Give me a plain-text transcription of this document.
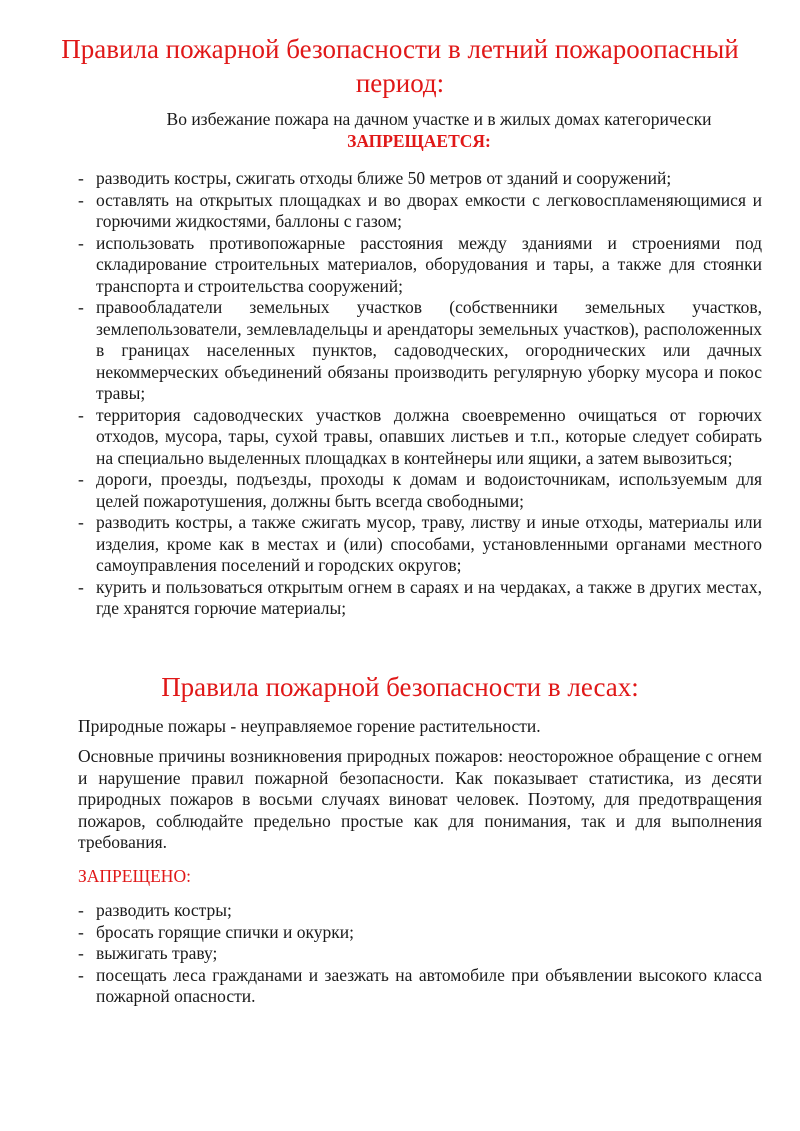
Правила пожарной безопасности в летний пожароопасный период:

Во избежание пожара на дачном участке и в жилых домах категорически
ЗАПРЕЩАЕТСЯ:

- разводить костры, сжигать отходы ближе 50 метров от зданий и сооружений;
- оставлять на открытых площадках и во дворах емкости с легковоспламеняющимися и горючими жидкостями, баллоны с газом;
- использовать противопожарные расстояния между зданиями и строениями под складирование строительных материалов, оборудования и тары, а также для стоянки транспорта и строительства сооружений;
- правообладатели земельных участков (собственники земельных участков, землепользователи, землевладельцы и арендаторы земельных участков), расположенных в границах населенных пунктов, садоводческих, огороднических или дачных некоммерческих объединений обязаны производить регулярную уборку мусора и покос травы;
- территория садоводческих участков должна своевременно очищаться от горючих отходов, мусора, тары, сухой травы, опавших листьев и т.п., которые следует собирать на специально выделенных площадках в контейнеры или ящики, а затем вывозиться;
- дороги, проезды, подъезды, проходы к домам и водоисточникам, используемым для целей пожаротушения, должны быть всегда свободными;
- разводить костры, а также сжигать мусор, траву, листву и иные отходы, материалы или изделия, кроме как в местах и (или) способами, установленными органами местного самоуправления поселений и городских округов;
- курить и пользоваться открытым огнем в сараях и на чердаках, а также в других местах, где хранятся горючие материалы;
Правила пожарной безопасности в лесах:

Природные пожары - неуправляемое горение растительности.

Основные причины возникновения природных пожаров: неосторожное обращение с огнем и нарушение правил пожарной безопасности. Как показывает статистика, из десяти природных пожаров в восьми случаях виноват человек. Поэтому, для предотвращения пожаров, соблюдайте предельно простые как для понимания, так и для выполнения требования.

ЗАПРЕЩЕНО:

- разводить костры;
- бросать горящие спички и окурки;
- выжигать траву;
- посещать леса гражданами и заезжать на автомобиле при объявлении высокого класса пожарной опасности.
